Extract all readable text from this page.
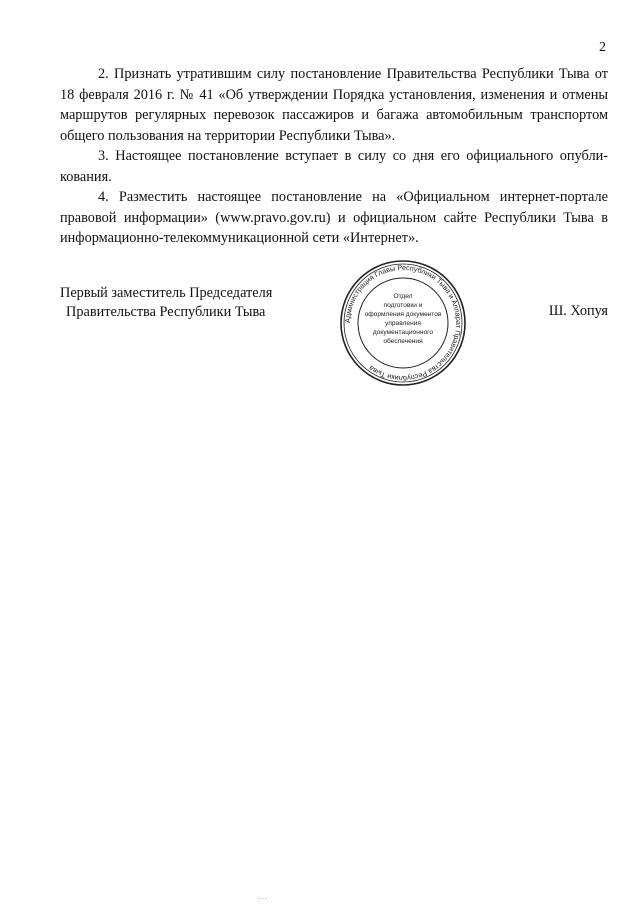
2

2. Признать утратившим силу постановление Правительства Республики Тыва от 18 февраля 2016 г. № 41 «Об утверждении Порядка установления, изменения и отмены маршрутов регулярных перевозок пассажиров и багажа автомобильным транспортом общего пользования на территории Республики Тыва».

3. Настоящее постановление вступает в силу со дня его официального опубли-кования.

4. Разместить настоящее постановление на «Официальном интернет-портале правовой информации» (www.pravo.gov.ru) и официальном сайте Республики Тыва в информационно-телекоммуникационной сети «Интернет».

Первый заместитель Председателя
Правительства Республики Тыва
Администрация Главы Республики Тыва и Аппарат Правительства Республики Тыва
Отдел
подготовки и
оформления документов
управления
документационного
обеспечения
Ш. Хопуя
...
